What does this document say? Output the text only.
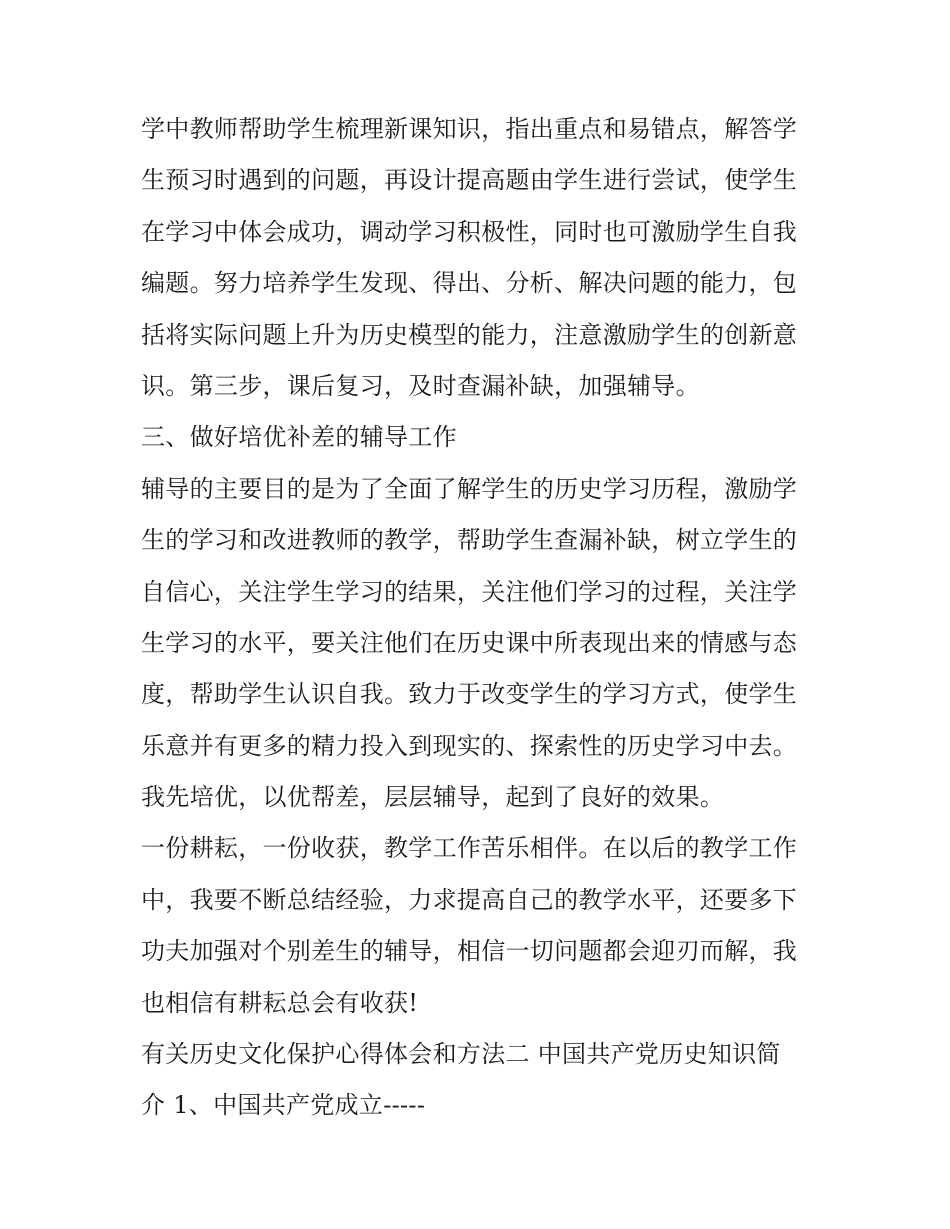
学中教师帮助学生梳理新课知识，指出重点和易错点，解答学
生预习时遇到的问题，再设计提高题由学生进行尝试，使学生
在学习中体会成功，调动学习积极性，同时也可激励学生自我
编题。努力培养学生发现、得出、分析、解决问题的能力，包
括将实际问题上升为历史模型的能力，注意激励学生的创新意
识。第三步，课后复习，及时查漏补缺，加强辅导。
三、做好培优补差的辅导工作
辅导的主要目的是为了全面了解学生的历史学习历程，激励学
生的学习和改进教师的教学，帮助学生查漏补缺，树立学生的
自信心，关注学生学习的结果，关注他们学习的过程，关注学
生学习的水平，要关注他们在历史课中所表现出来的情感与态
度，帮助学生认识自我。致力于改变学生的学习方式，使学生
乐意并有更多的精力投入到现实的、探索性的历史学习中去。
我先培优，以优帮差，层层辅导，起到了良好的效果。
一份耕耘，一份收获，教学工作苦乐相伴。在以后的教学工作
中，我要不断总结经验，力求提高自己的教学水平，还要多下
功夫加强对个别差生的辅导，相信一切问题都会迎刃而解，我
也相信有耕耘总会有收获!
有关历史文化保护心得体会和方法二 中国共产党历史知识简
介 1、中国共产党成立-----
